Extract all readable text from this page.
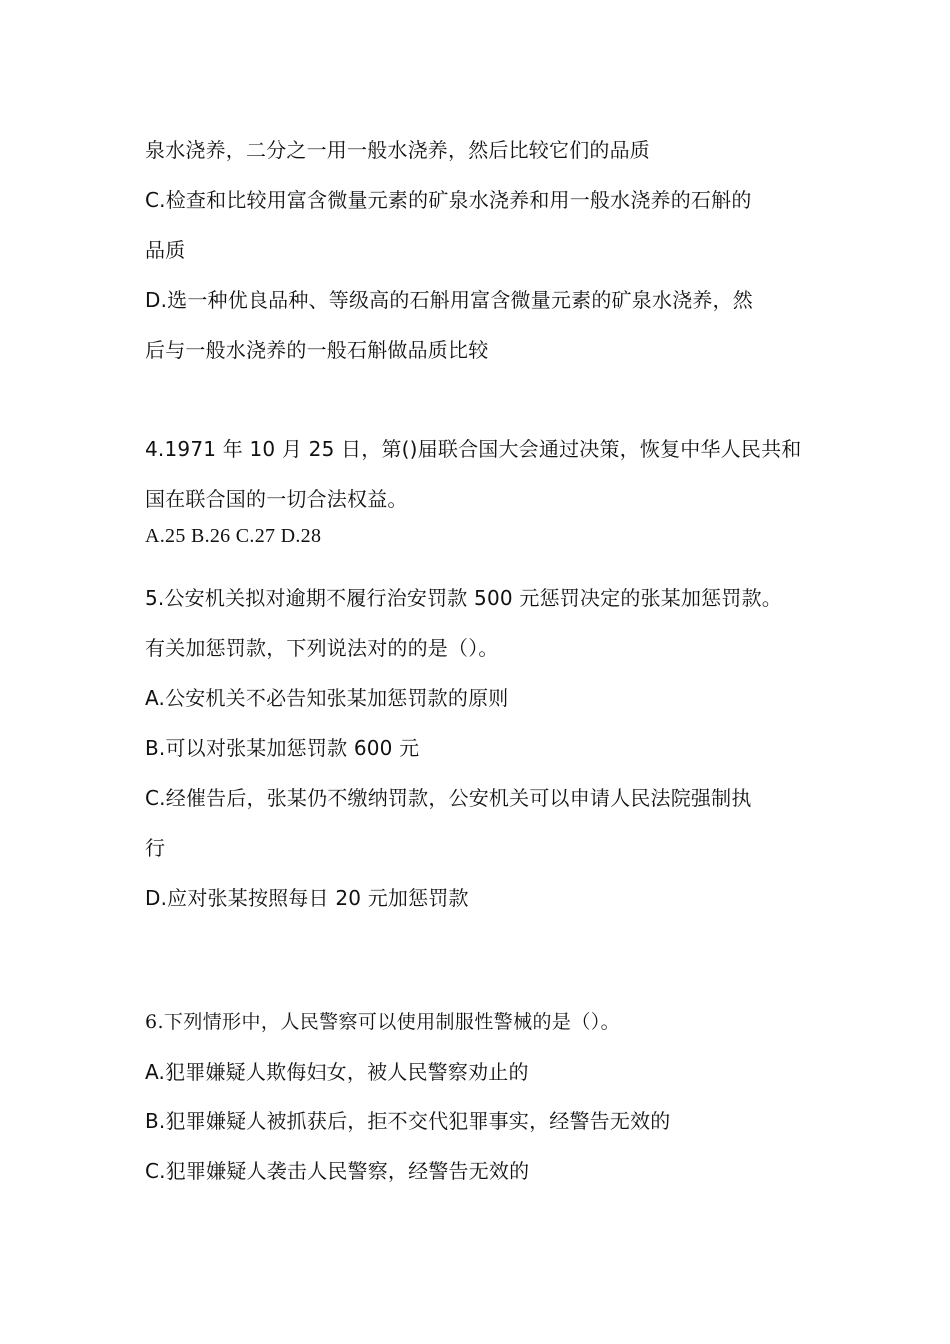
泉水浇养，二分之一用一般水浇养，然后比较它们的品质
C.检查和比较用富含微量元素的矿泉水浇养和用一般水浇养的石斛的
品质
D.选一种优良品种、等级高的石斛用富含微量元素的矿泉水浇养，然
后与一般水浇养的一般石斛做品质比较
4.1971 年 10 月 25 日，第()届联合国大会通过决策，恢复中华人民共和
国在联合国的一切合法权益。
A.25 B.26 C.27 D.28
5.公安机关拟对逾期不履行治安罚款 500 元惩罚决定的张某加惩罚款。
有关加惩罚款，下列说法对的的是（）。
A.公安机关不必告知张某加惩罚款的原则
B.可以对张某加惩罚款 600 元
C.经催告后，张某仍不缴纳罚款，公安机关可以申请人民法院强制执
行
D.应对张某按照每日 20 元加惩罚款
6.下列情形中，人民警察可以使用制服性警械的是（）。
A.犯罪嫌疑人欺侮妇女，被人民警察劝止的
B.犯罪嫌疑人被抓获后，拒不交代犯罪事实，经警告无效的
C.犯罪嫌疑人袭击人民警察，经警告无效的
